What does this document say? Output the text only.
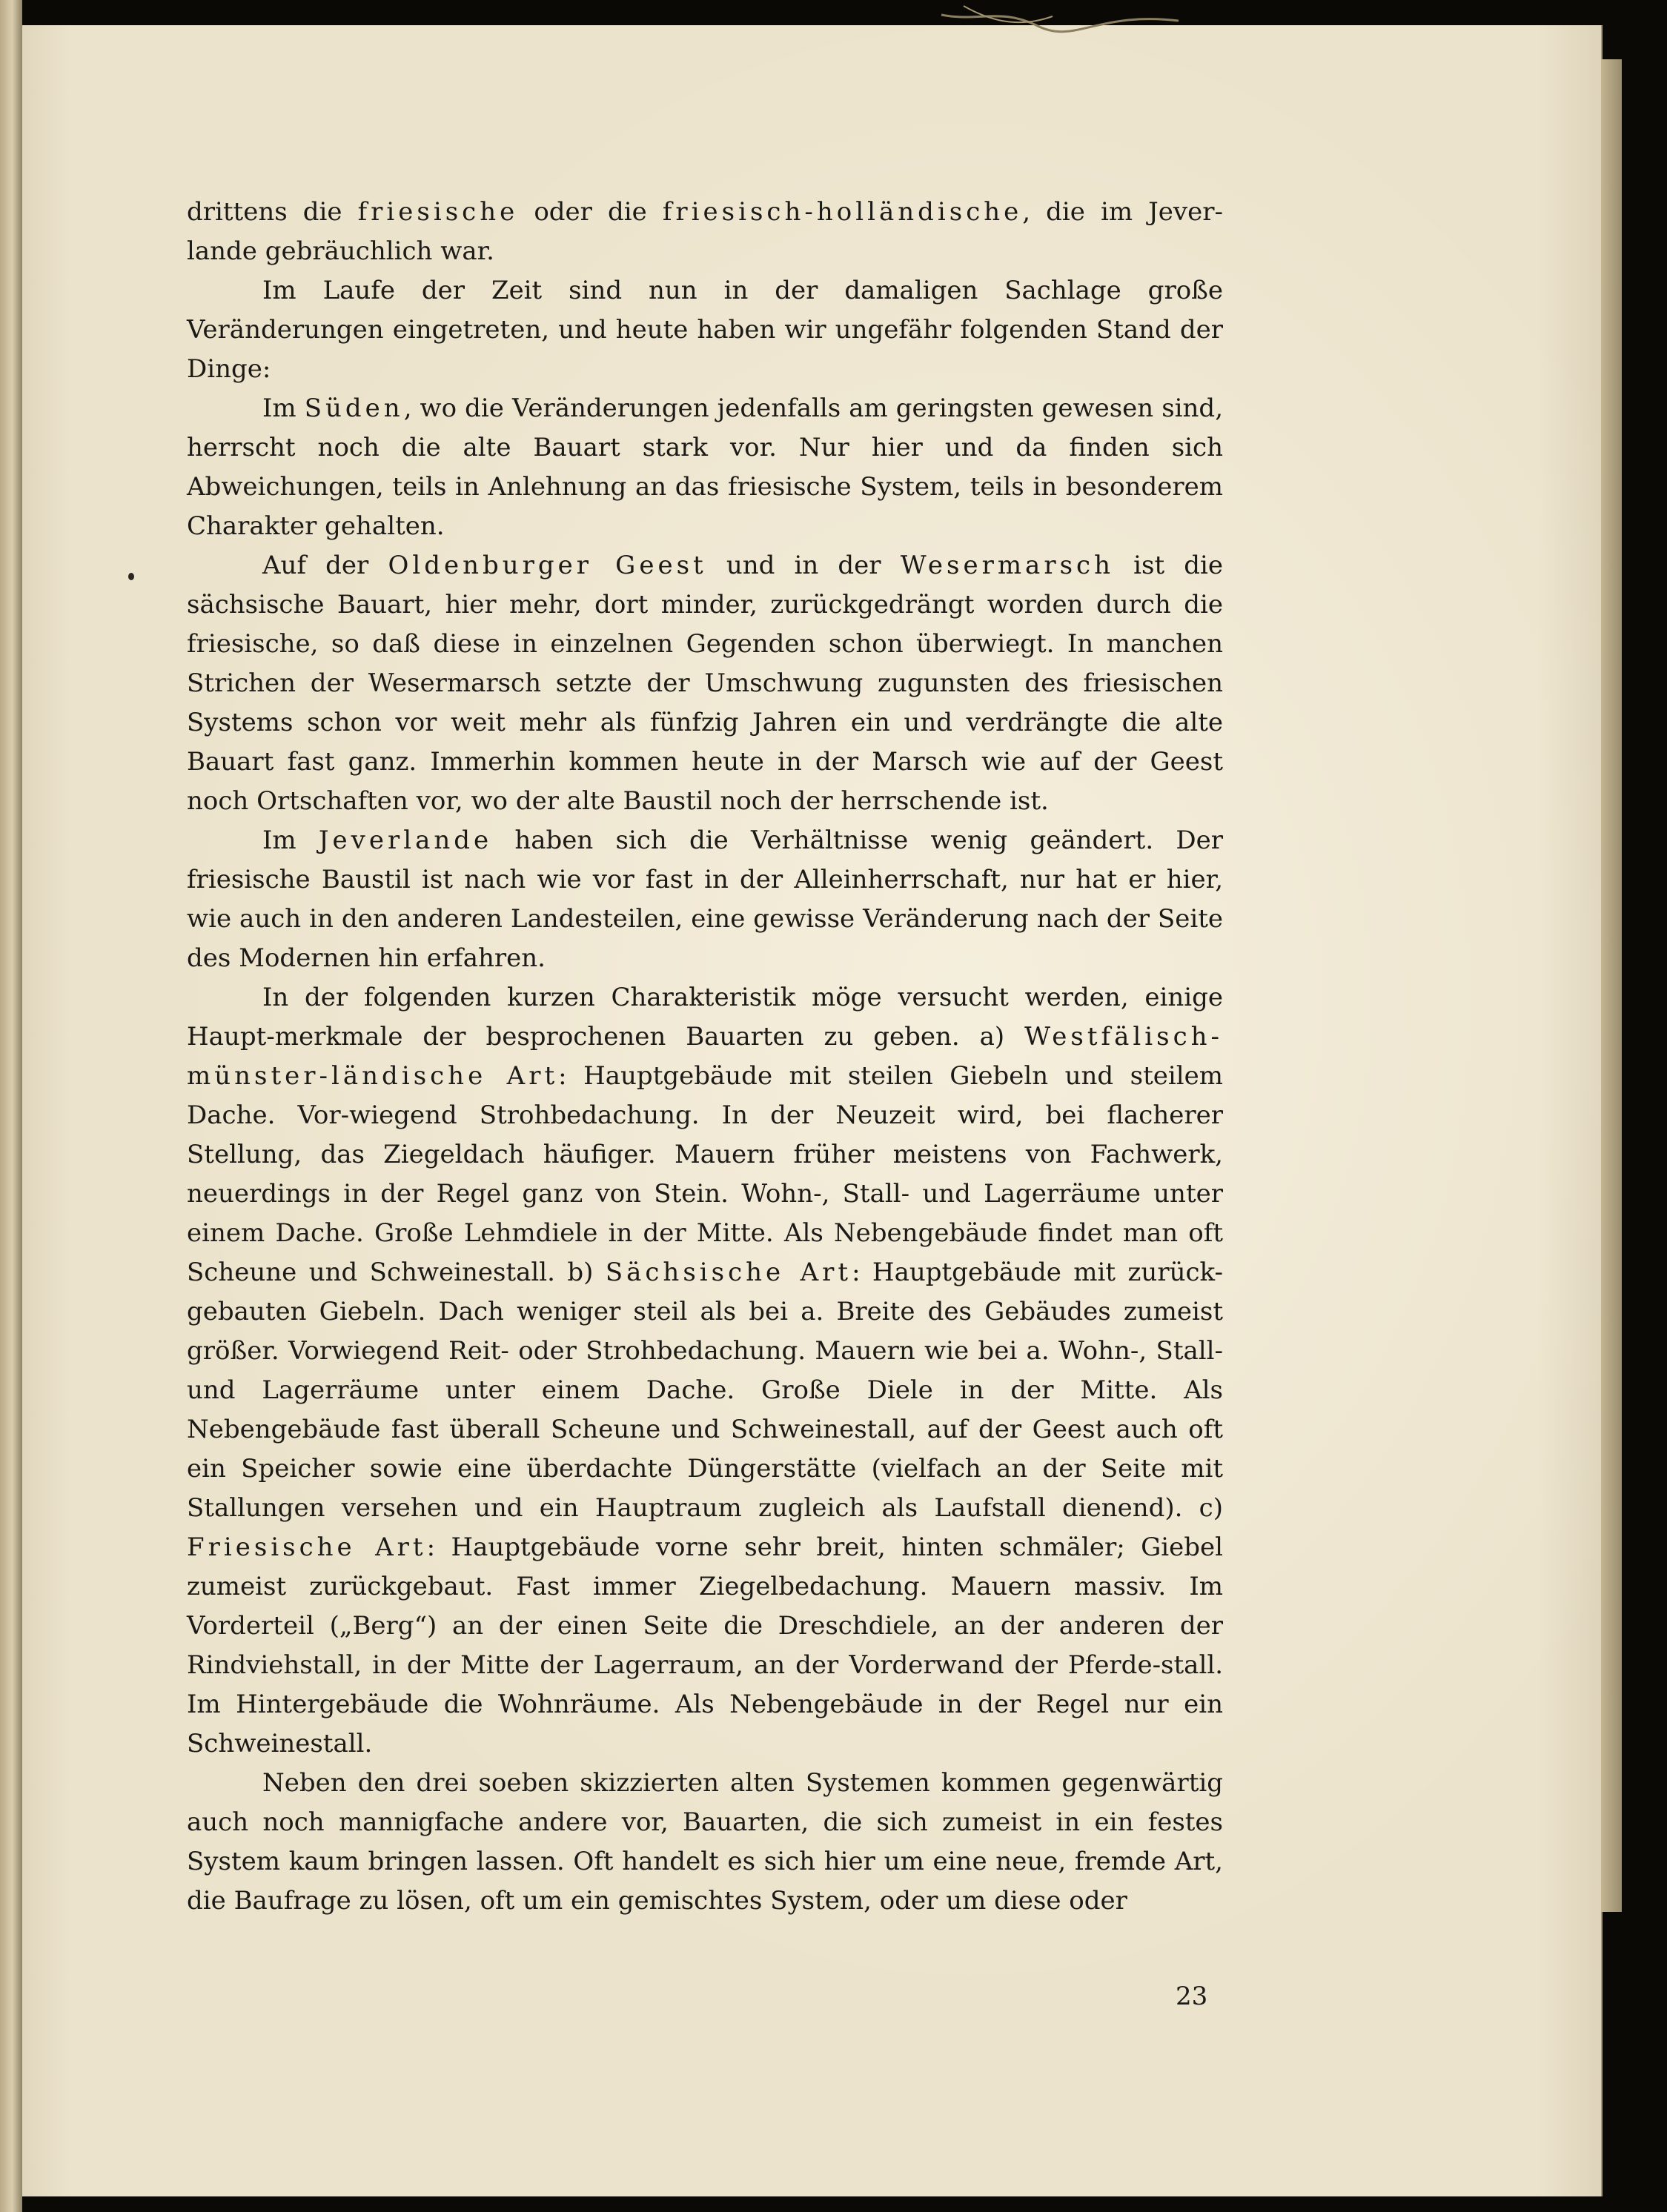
drittens die friesische oder die friesisch-holländische, die im Jever-lande gebräuchlich war.

Im Laufe der Zeit sind nun in der damaligen Sachlage große Veränderungen eingetreten, und heute haben wir ungefähr folgenden Stand der Dinge:

Im Süden, wo die Veränderungen jedenfalls am geringsten gewesen sind, herrscht noch die alte Bauart stark vor. Nur hier und da finden sich Abweichungen, teils in Anlehnung an das friesische System, teils in besonderem Charakter gehalten.

Auf der Oldenburger Geest und in der Wesermarsch ist die sächsische Bauart, hier mehr, dort minder, zurückgedrängt worden durch die friesische, so daß diese in einzelnen Gegenden schon überwiegt. In manchen Strichen der Wesermarsch setzte der Umschwung zugunsten des friesischen Systems schon vor weit mehr als fünfzig Jahren ein und verdrängte die alte Bauart fast ganz. Immerhin kommen heute in der Marsch wie auf der Geest noch Ortschaften vor, wo der alte Baustil noch der herrschende ist.

Im Jeverlande haben sich die Verhältnisse wenig geändert. Der friesische Baustil ist nach wie vor fast in der Alleinherrschaft, nur hat er hier, wie auch in den anderen Landesteilen, eine gewisse Veränderung nach der Seite des Modernen hin erfahren.

In der folgenden kurzen Charakteristik möge versucht werden, einige Haupt-merkmale der besprochenen Bauarten zu geben. a) Westfälisch-münster-ländische Art: Hauptgebäude mit steilen Giebeln und steilem Dache. Vor-wiegend Strohbedachung. In der Neuzeit wird, bei flacherer Stellung, das Ziegeldach häufiger. Mauern früher meistens von Fachwerk, neuerdings in der Regel ganz von Stein. Wohn-, Stall- und Lagerräume unter einem Dache. Große Lehmdiele in der Mitte. Als Nebengebäude findet man oft Scheune und Schweinestall. b) Sächsische Art: Hauptgebäude mit zurück-gebauten Giebeln. Dach weniger steil als bei a. Breite des Gebäudes zumeist größer. Vorwiegend Reit- oder Strohbedachung. Mauern wie bei a. Wohn-, Stall- und Lagerräume unter einem Dache. Große Diele in der Mitte. Als Nebengebäude fast überall Scheune und Schweinestall, auf der Geest auch oft ein Speicher sowie eine überdachte Düngerstätte (vielfach an der Seite mit Stallungen versehen und ein Hauptraum zugleich als Laufstall dienend). c) Friesische Art: Hauptgebäude vorne sehr breit, hinten schmäler; Giebel zumeist zurückgebaut. Fast immer Ziegelbedachung. Mauern massiv. Im Vorderteil („Berg“) an der einen Seite die Dreschdiele, an der anderen der Rindviehstall, in der Mitte der Lagerraum, an der Vorderwand der Pferde-stall. Im Hintergebäude die Wohnräume. Als Nebengebäude in der Regel nur ein Schweinestall.

Neben den drei soeben skizzierten alten Systemen kommen gegenwärtig auch noch mannigfache andere vor, Bauarten, die sich zumeist in ein festes System kaum bringen lassen. Oft handelt es sich hier um eine neue, fremde Art, die Baufrage zu lösen, oft um ein gemischtes System, oder um diese oder

23
